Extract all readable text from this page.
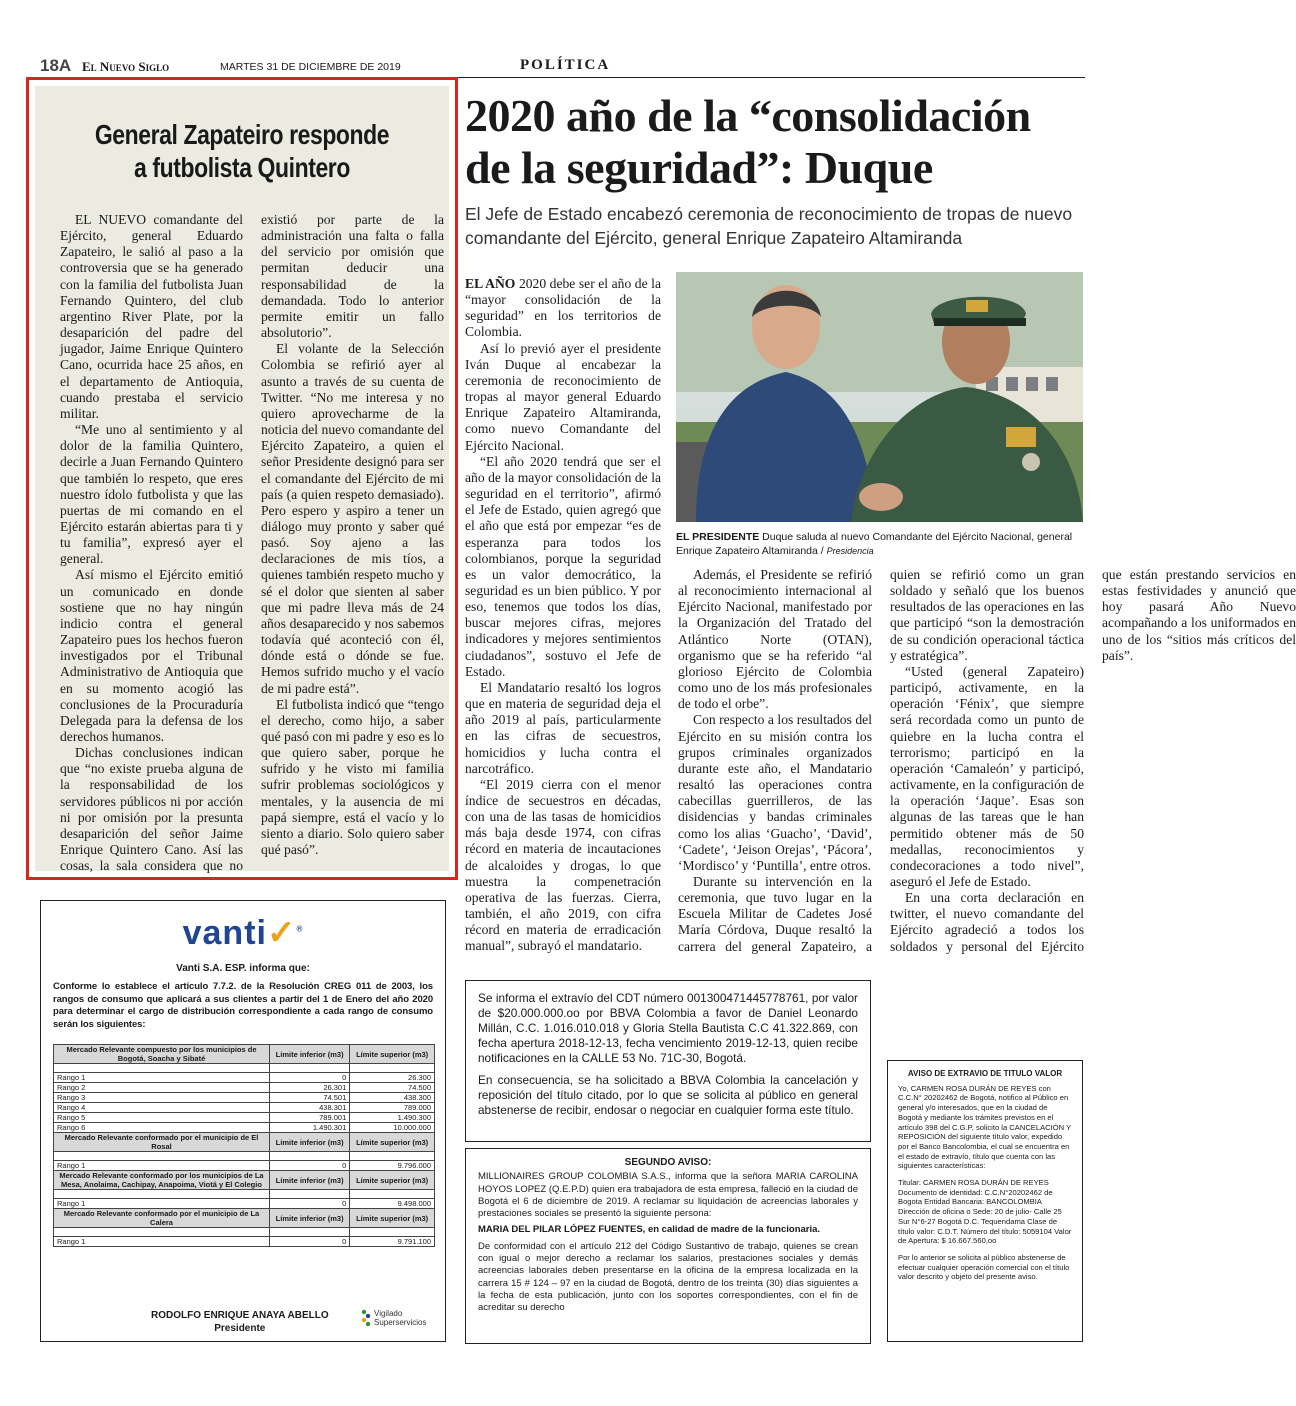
18A El Nuevo Siglo	MARTES 31 DE DICIEMBRE DE 2019	POLÍTICA
General Zapateiro responde
a futbolista Quintero

EL NUEVO comandante del Ejército, general Eduardo Zapateiro, le salió al paso a la controversia que se ha generado con la familia del futbolista Juan Fernando Quintero, del club argentino River Plate, por la desaparición del padre del jugador, Jaime Enrique Quintero Cano, ocurrida hace 25 años, en el departamento de Antioquia, cuando prestaba el servicio militar.

“Me uno al sentimiento y al dolor de la familia Quintero, decirle a Juan Fernando Quintero que también lo respeto, que eres nuestro ídolo futbolista y que las puertas de mi comando en el Ejército estarán abiertas para ti y tu familia”, expresó ayer el general.

Así mismo el Ejército emitió un comunicado en donde sostiene que no hay ningún indicio contra el general Zapateiro pues los hechos fueron investigados por el Tribunal Administrativo de Antioquia que en su momento acogió las conclusiones de la Procuraduría Delegada para la defensa de los derechos humanos.

Dichas conclusiones indican que “no existe prueba alguna de la responsabilidad de los servidores públicos ni por acción ni por omisión por la presunta desaparición del señor Jaime Enrique Quintero Cano. Así las cosas, la sala considera que no existió por parte de la administración una falta o falla del servicio por omisión que permitan deducir una responsabilidad de la demandada. Todo lo anterior permite emitir un fallo absolutorio”.

El volante de la Selección Colombia se refirió ayer al asunto a través de su cuenta de Twitter. “No me interesa y no quiero aprovecharme de la noticia del nuevo comandante del Ejército Zapateiro, a quien el señor Presidente designó para ser el comandante del Ejército de mi país (a quien respeto demasiado). Pero espero y aspiro a tener un diálogo muy pronto y saber qué pasó. Soy ajeno a las declaraciones de mis tíos, a quienes también respeto mucho y sé el dolor que sienten al saber que mi padre lleva más de 24 años desaparecido y nos sabemos todavía qué aconteció con él, dónde está o dónde se fue. Hemos sufrido mucho y el vacío de mi padre está”.

El futbolista indicó que “tengo el derecho, como hijo, a saber qué pasó con mi padre y eso es lo que quiero saber, porque he sufrido y he visto mi familia sufrir problemas sociológicos y mentales, y la ausencia de mi papá siempre, está el vacío y lo siento a diario. Solo quiero saber qué pasó”.

2020 año de la “consolidación de la seguridad”: Duque
El Jefe de Estado encabezó ceremonia de reconocimiento de tropas de nuevo comandante del Ejército, general Enrique Zapateiro Altamiranda
EL PRESIDENTE Duque saluda al nuevo Comandante del Ejército Nacional, general Enrique Zapateiro Altamiranda / Presidencia

EL AÑO 2020 debe ser el año de la “mayor consolidación de la seguridad” en los territorios de Colombia.

Así lo previó ayer el presidente Iván Duque al encabezar la ceremonia de reconocimiento de tropas al mayor general Eduardo Enrique Zapateiro Altamiranda, como nuevo Comandante del Ejército Nacional.

“El año 2020 tendrá que ser el año de la mayor consolidación de la seguridad en el territorio”, afirmó el Jefe de Estado, quien agregó que el año que está por empezar “es de esperanza para todos los colombianos, porque la seguridad es un valor democrático, la seguridad es un bien público. Y por eso, tenemos que todos los días, buscar mejores cifras, mejores indicadores y mejores sentimientos ciudadanos”, sostuvo el Jefe de Estado.

El Mandatario resaltó los logros que en materia de seguridad deja el año 2019 al país, particularmente en las cifras de secuestros, homicidios y lucha contra el narcotráfico.

“El 2019 cierra con el menor índice de secuestros en décadas, con una de las tasas de homicidios más baja desde 1974, con cifras récord en materia de incautaciones de alcaloides y drogas, lo que muestra la compenetración operativa de las fuerzas. Cierra, también, el año 2019, con cifra récord en materia de erradicación manual”, subrayó el mandatario.

Además, el Presidente se refirió al reconocimiento internacional al Ejército Nacional, manifestado por la Organización del Tratado del Atlántico Norte (OTAN), organismo que se ha referido “al glorioso Ejército de Colombia como uno de los más profesionales de todo el orbe”.

Con respecto a los resultados del Ejército en su misión contra los grupos criminales organizados durante este año, el Mandatario resaltó las operaciones contra cabecillas guerrilleros, de las disidencias y bandas criminales como los alias ‘Guacho’, ‘David’, ‘Cadete’, ‘Jeison Orejas’, ‘Pácora’, ‘Mordisco’ y ‘Puntilla’, entre otros.

Durante su intervención en la ceremonia, que tuvo lugar en la Escuela Militar de Cadetes José María Córdova, Duque resaltó la carrera del general Zapateiro, a quien se refirió como un gran soldado y señaló que los buenos resultados de las operaciones en las que participó “son la demostración de su condición operacional táctica y estratégica”.

“Usted (general Zapateiro) participó, activamente, en la operación ‘Fénix’, que siempre será recordada como un punto de quiebre en la lucha contra el terrorismo; participó en la operación ‘Camaleón’ y participó, activamente, en la configuración de la operación ‘Jaque’. Esas son algunas de las tareas que le han permitido obtener más de 50 medallas, reconocimientos y condecoraciones a todo nivel”, aseguró el Jefe de Estado.

En una corta declaración en twitter, el nuevo comandante del Ejército agradeció a todos los soldados y personal del Ejército que están prestando servicios en estas festividades y anunció que hoy pasará Año Nuevo acompañando a los uniformados en uno de los “sitios más críticos del país”.

vanti✓®
Vanti S.A. ESP. informa que:
Conforme lo establece el artículo 7.7.2. de la Resolución CREG 011 de 2003, los rangos de consumo que aplicará a sus clientes a partir del 1 de Enero del año 2020 para determinar el cargo de distribución correspondiente a cada rango de consumo serán los siguientes:
Mercado Relevante compuesto por los municipios de Bogotá, Soacha y Sibaté	Límite inferior (m3)	Límite superior (m3)

Rango 1	0	26.300
Rango 2	26.301	74.500
Rango 3	74.501	438.300
Rango 4	438.301	789.000
Rango 5	789.001	1.490.300
Rango 6	1.490.301	10.000.000
Mercado Relevante conformado por el municipio de El Rosal	Límite inferior (m3)	Límite superior (m3)

Rango 1	0	9.796.000
Mercado Relevante conformado por los municipios de La Mesa, Anolaima, Cachipay, Anapoima, Viotá y El Colegio	Límite inferior (m3)	Límite superior (m3)

Rango 1	0	9.498.000
Mercado Relevante conformado por el municipio de La Calera	Límite inferior (m3)	Límite superior (m3)

Rango 1	0	9.791.100
RODOLFO ENRIQUE ANAYA ABELLO
Presidente
Vigilado
Superservicios

Se informa el extravío del CDT número 001300471445778761, por valor de $20.000.000.oo por BBVA Colombia a favor de Daniel Leonardo Millán, C.C. 1.016.010.018 y Gloria Stella Bautista C.C 41.322.869, con fecha apertura 2018-12-13, fecha vencimiento 2019-12-13, quien recibe notificaciones en la CALLE 53 No. 71C-30, Bogotá.

En consecuencia, se ha solicitado a BBVA Colombia la cancelación y reposición del título citado, por lo que se solicita al público en general abstenerse de recibir, endosar o negociar en cualquier forma este título.

SEGUNDO AVISO:

MILLIONAIRES GROUP COLOMBIA S.A.S., informa que la señora MARIA CAROLINA HOYOS LOPEZ (Q.E.P.D) quien era trabajadora de esta empresa, falleció en la ciudad de Bogotá el 6 de diciembre de 2019. A reclamar su liquidación de acreencias laborales y prestaciones sociales se presentó la siguiente persona:

MARIA DEL PILAR LÓPEZ FUENTES, en calidad de madre de la funcionaria.

De conformidad con el artículo 212 del Código Sustantivo de trabajo, quienes se crean con igual o mejor derecho a reclamar los salarios, prestaciones sociales y demás acreencias laborales deben presentarse en la oficina de la empresa localizada en la carrera 15 # 124 – 97 en la ciudad de Bogotá, dentro de los treinta (30) días siguientes a la fecha de esta publicación, junto con los soportes correspondientes, con el fin de acreditar su derecho

AVISO DE EXTRAVIO DE TITULO VALOR

Yo, CARMEN ROSA DURÁN DE REYES con C.C.N° 20202462 de Bogotá, notifico al Público en general y/o interesados, que en la ciudad de Bogotá y mediante los trámites previstos en el artículo 398 del C.G.P, solicito la CANCELACIÓN Y REPOSICIÓN del siguiente título valor, expedido por el Banco Bancolombia, el cual se encuentra en el estado de extravío, título que cuenta con las siguientes características:

Titular: CARMEN ROSA DURÁN DE REYES Documento de identidad: C.C.N°20202462 de Bogota Entidad Bancaria: BANCOLOMBIA Dirección de oficina o Sede: 20 de julio- Calle 25 Sur N°6-27 Bogotá D.C. Tequendama Clase de título valor: C.D.T. Número del título: 5059104 Valor de Apertura: $ 16.667.560,oo

Por lo anterior se solicita al público abstenerse de efectuar cualquier operación comercial con el título valor descrito y objeto del presente aviso.
